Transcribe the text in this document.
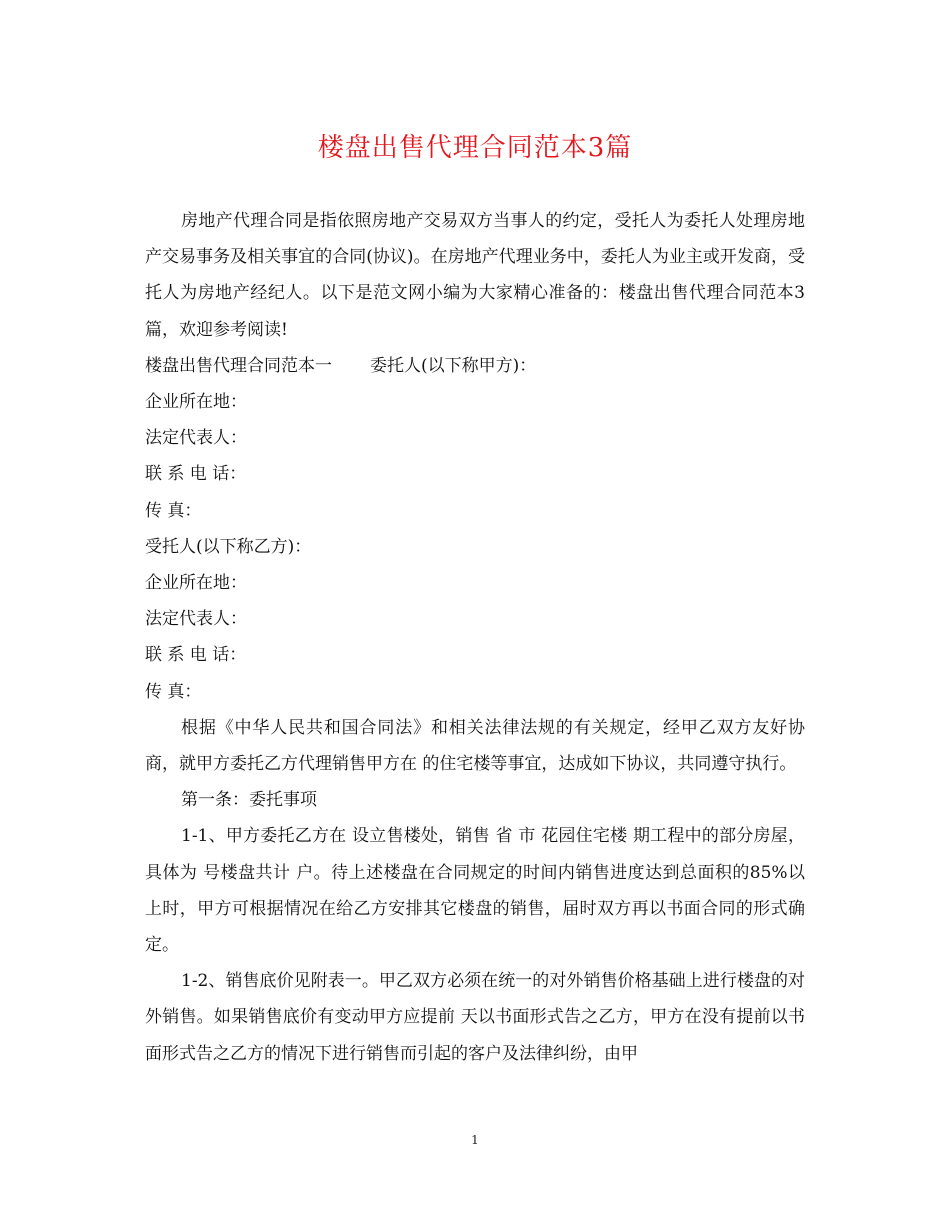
楼盘出售代理合同范本3篇

房地产代理合同是指依照房地产交易双方当事人的约定，受托人为委托人处理房地产交易事务及相关事宜的合同(协议)。在房地产代理业务中，委托人为业主或开发商，受托人为房地产经纪人。以下是范文网小编为大家精心准备的：楼盘出售代理合同范本3篇，欢迎参考阅读!

楼盘出售代理合同范本一 委托人(以下称甲方)：

企业所在地：

法定代表人：

联 系 电 话：

传 真：

受托人(以下称乙方)：

企业所在地：

法定代表人：

联 系 电 话：

传 真：

根据《中华人民共和国合同法》和相关法律法规的有关规定，经甲乙双方友好协商，就甲方委托乙方代理销售甲方在 的住宅楼等事宜，达成如下协议，共同遵守执行。

第一条：委托事项

1-1、甲方委托乙方在 设立售楼处，销售 省 市 花园住宅楼 期工程中的部分房屋，具体为 号楼盘共计 户。待上述楼盘在合同规定的时间内销售进度达到总面积的85%以上时，甲方可根据情况在给乙方安排其它楼盘的销售，届时双方再以书面合同的形式确定。

1-2、销售底价见附表一。甲乙双方必须在统一的对外销售价格基础上进行楼盘的对外销售。如果销售底价有变动甲方应提前 天以书面形式告之乙方，甲方在没有提前以书面形式告之乙方的情况下进行销售而引起的客户及法律纠纷，由甲

1
